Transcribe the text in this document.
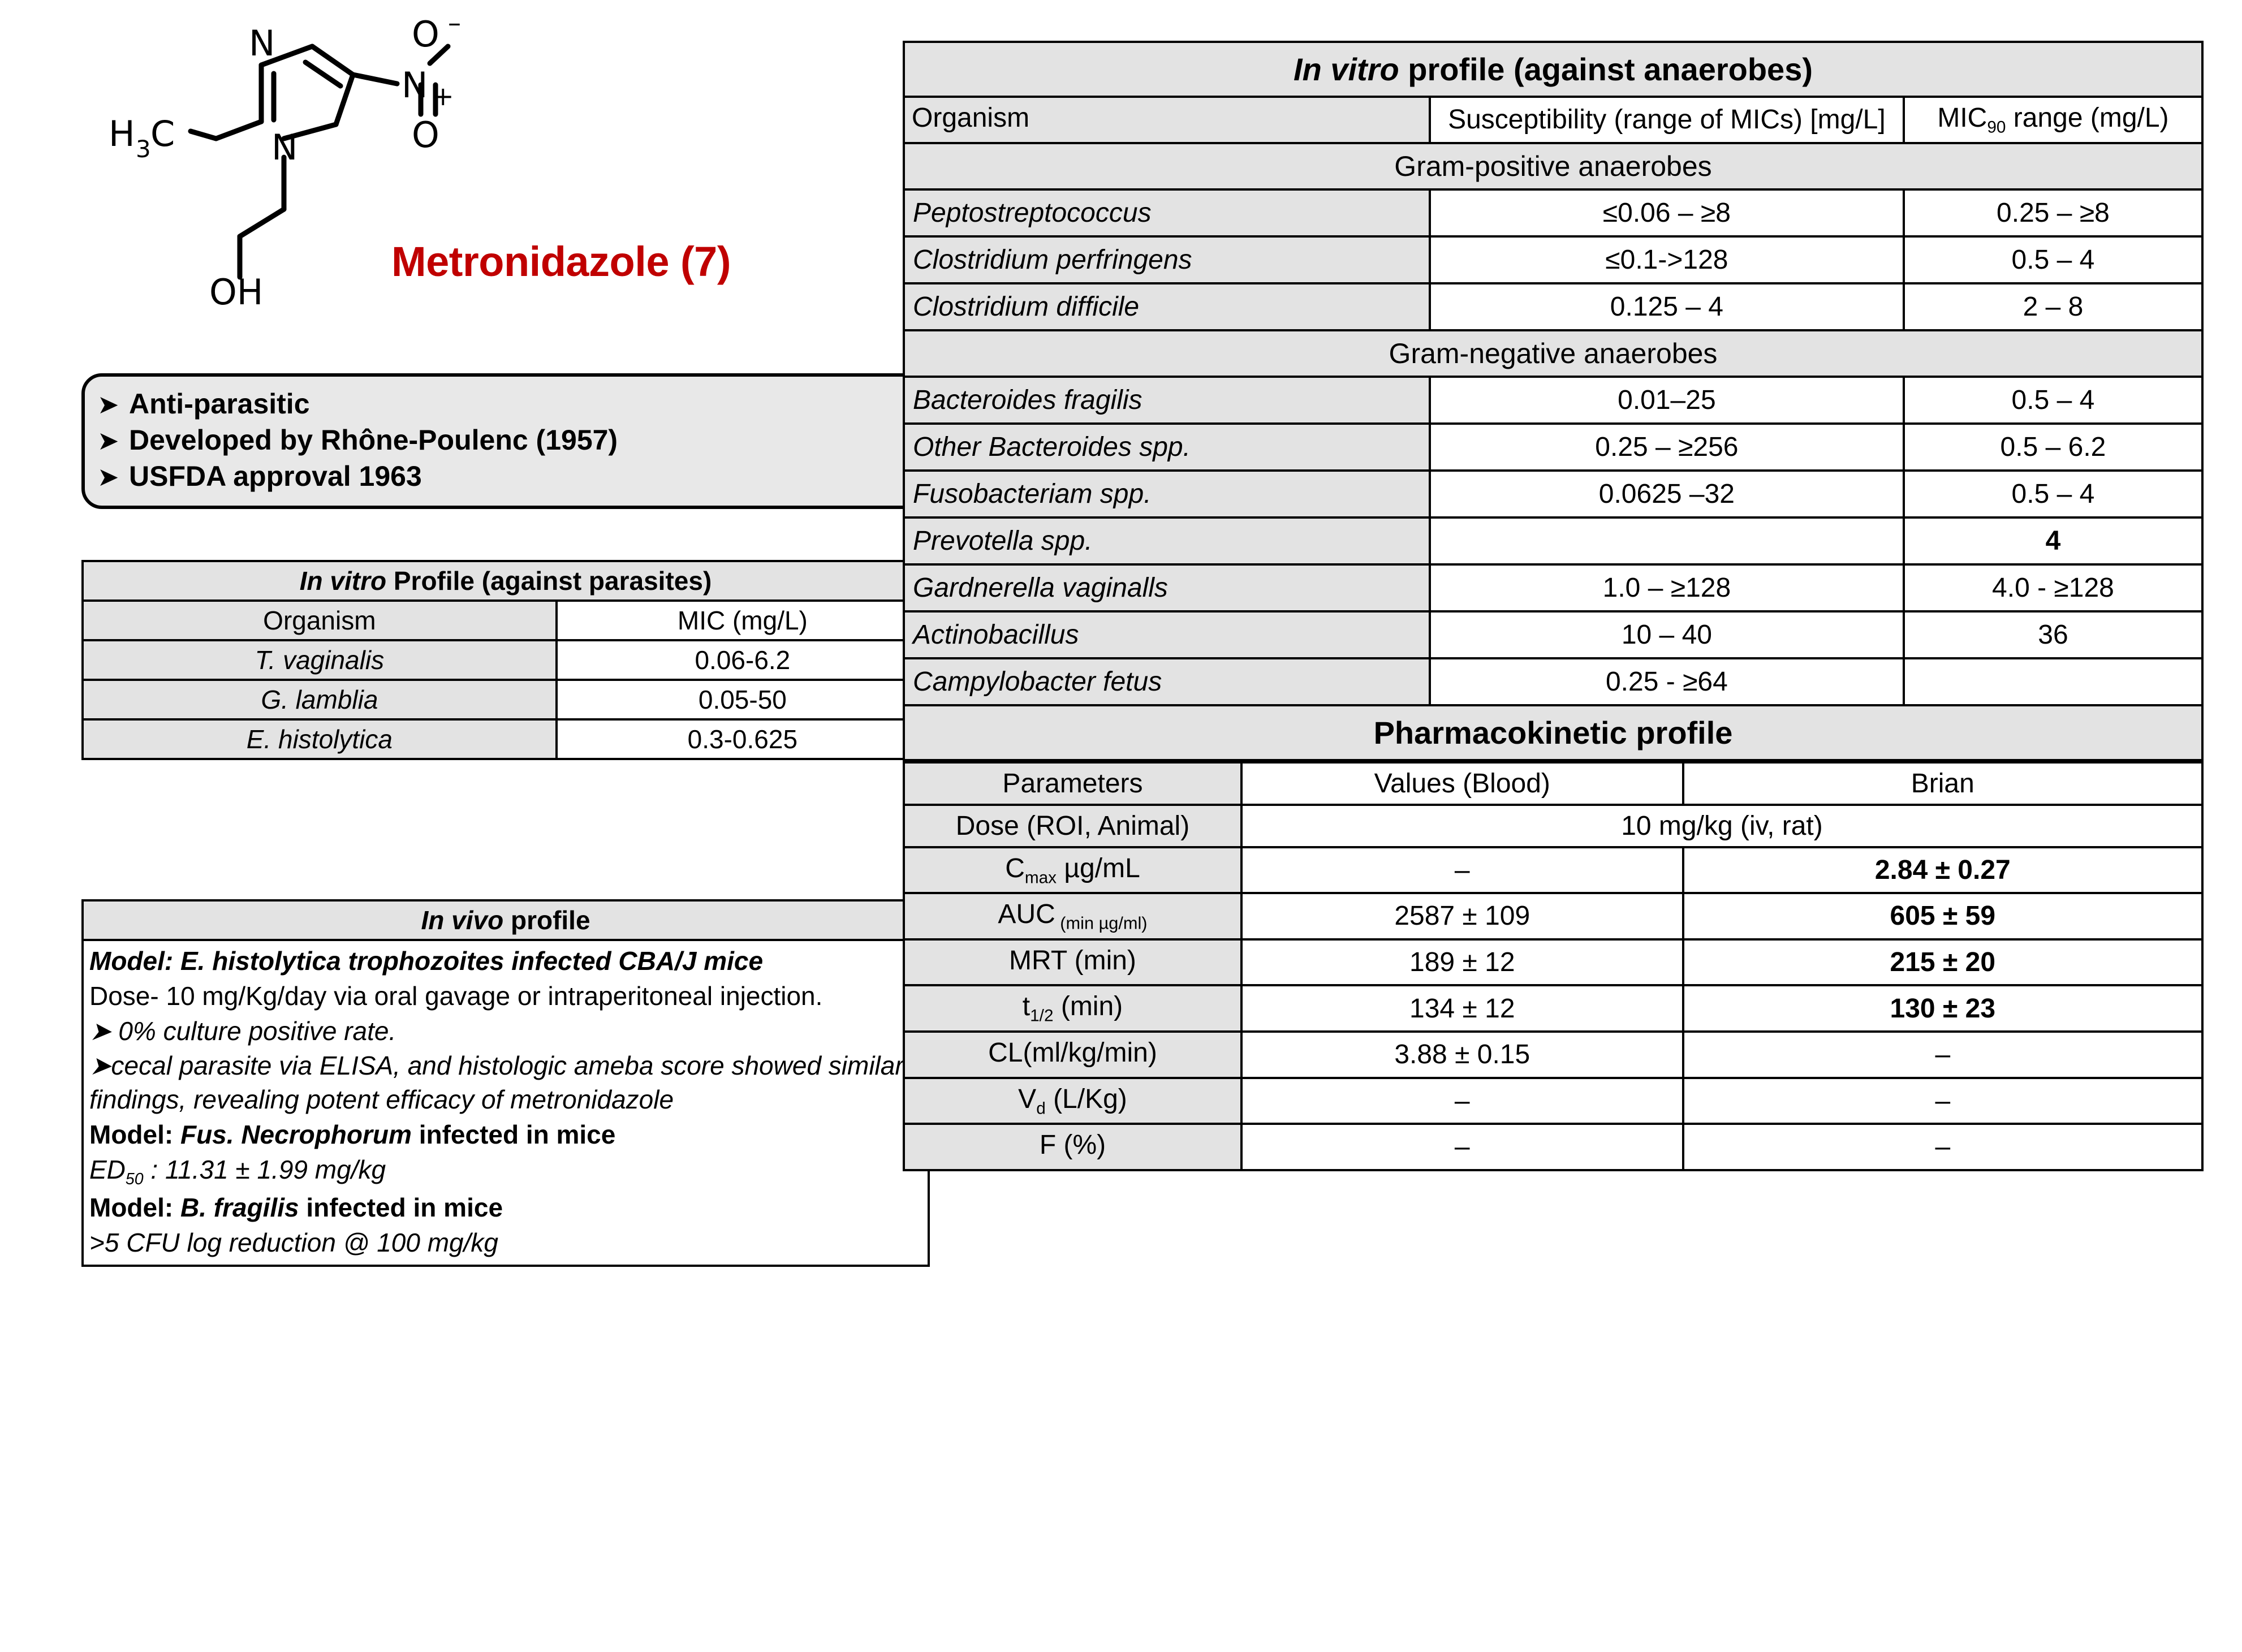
H 3 C
N
N
N +
O –
O
OH
Metronidazole (7)
➤ Anti-parasitic
➤ Developed by Rhône-Poulenc (1957)
➤ USFDA approval 1963
In vitro Profile (against parasites)	
Organism	MIC (mg/L)
T. vaginalis	0.06-6.2
G. lamblia	0.05-50
E. histolytica	0.3-0.625
In vivo profile

Model: E. histolytica trophozoites infected CBA/J mice

Dose- 10 mg/Kg/day via oral gavage or intraperitoneal injection.

➤ 0% culture positive rate.

➤cecal parasite via ELISA, and histologic ameba score showed similar findings, revealing potent efficacy of metronidazole

Model: Fus. Necrophorum infected in mice

$ED_{50}$ : 11.31 ± 1.99 mg/kg

Model: B. fragilis infected in mice

>5 CFU log reduction @ 100 mg/kg

In vitro profile (against anaerobes)		
Organism	Susceptibility (range of MICs) [mg/L]	$MIC_{90}$ range (mg/L)
Gram-positive anaerobes		
Peptostreptococcus	≤0.06 – ≥8	0.25 – ≥8
Clostridium perfringens	≤0.1->128	0.5 – 4
Clostridium difficile	0.125 – 4	2 – 8
Gram-negative anaerobes		
Bacteroides fragilis	0.01–25	0.5 – 4
Other Bacteroides spp.	0.25 – ≥256	0.5 – 6.2
Fusobacteriam spp.	0.0625 –32	0.5 – 4
Prevotella spp.		4
Gardnerella vaginalls	1.0 – ≥128	4.0 - ≥128
Actinobacillus	10 – 40	36
Campylobacter fetus	0.25 - ≥64	
Pharmacokinetic profile		
Parameters	Values (Blood)	Brian
Dose (ROI, Animal)	10 mg/kg (iv, rat)	
$C_{max}$ µg/mL	–	2.84 ± 0.27
AUC $_{(min \mu g/ml)}$	2587 ± 109	605 ± 59
MRT (min)	189 ± 12	215 ± 20
$t_{1/2}$ (min)	134 ± 12	130 ± 23
CL(ml/kg/min)	3.88 ± 0.15	–
$V_d$ (L/Kg)	–	–
F (%)	–	–
